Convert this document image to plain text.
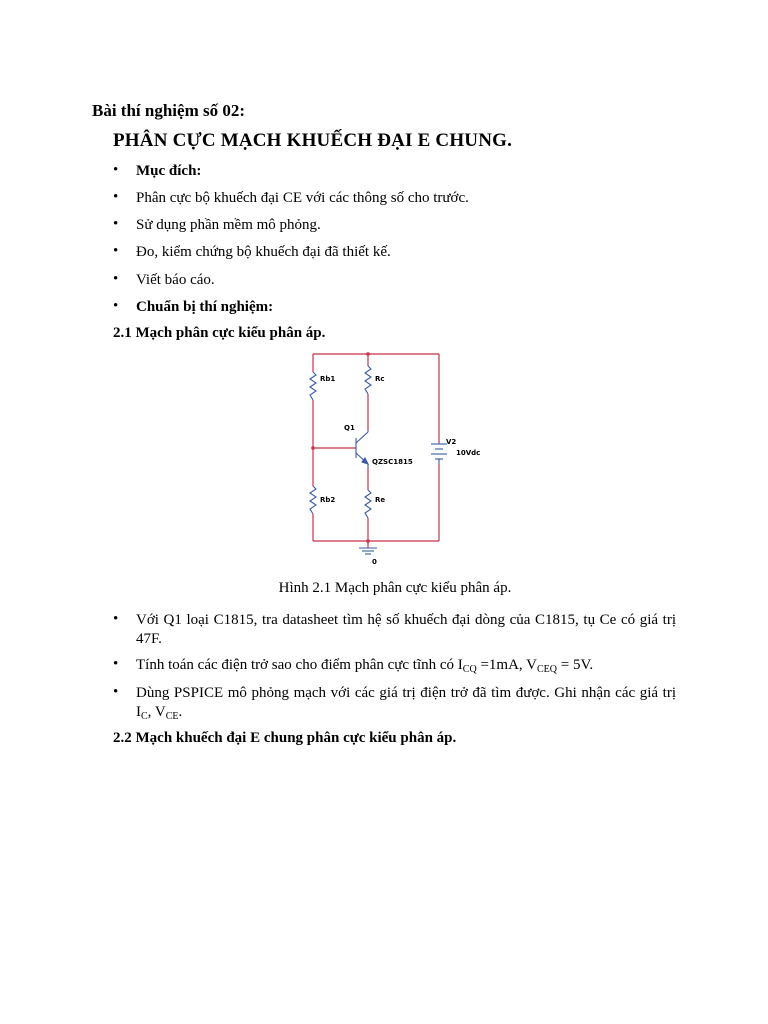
Bài thí nghiệm số 02:
PHÂN CỰC MẠCH KHUẾCH ĐẠI E CHUNG.
•	Mục đích:
•	Phân cực bộ khuếch đại CE với các thông số cho trước.
•	Sử dụng phần mềm mô phỏng.
•	Đo, kiểm chứng bộ khuếch đại đã thiết kế.
•	Viết báo cáo.
•	Chuẩn bị thí nghiệm:
2.1 Mạch phân cực kiểu phân áp.
Rb1	Rc
Q1
QZSC1815
Rb2	Re
V2
10Vdc
0
Hình 2.1 Mạch phân cực kiểu phân áp.
•	Với Q1 loại C1815, tra datasheet tìm hệ số khuếch đại dòng của C1815, tụ Ce có giá trị 47F.
•	Tính toán các điện trở sao cho điểm phân cực tĩnh có $I_{CQ} =1mA$, $V_{CEQ} = 5V$.
•	Dùng PSPICE mô phỏng mạch với các giá trị điện trở đã tìm được. Ghi nhận các giá trị $I_C$, $V_{CE}$.
2.2 Mạch khuếch đại E chung phân cực kiểu phân áp.
